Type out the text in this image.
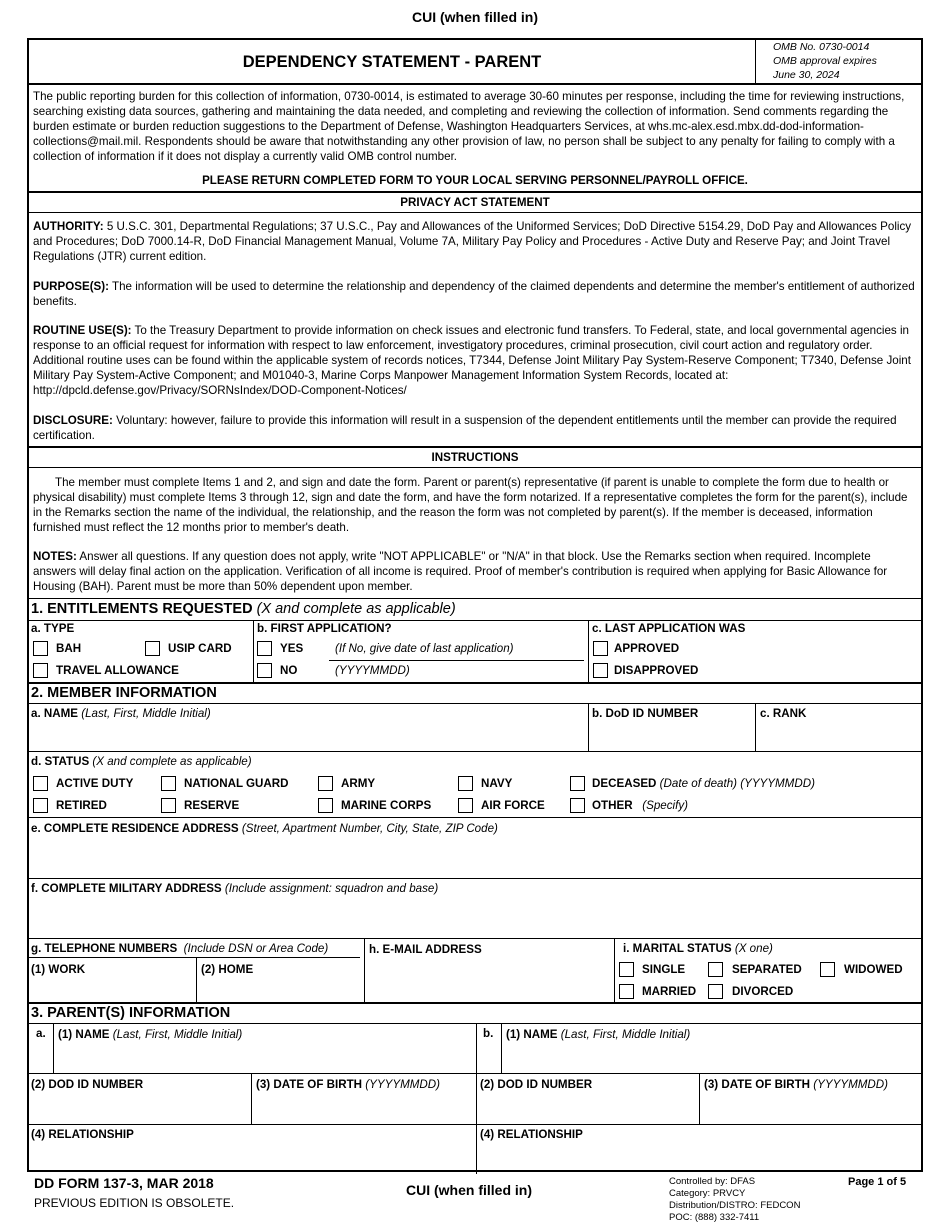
CUI (when filled in)
DEPENDENCY STATEMENT - PARENT
OMB No. 0730-0014
OMB approval expires
June 30, 2024
The public reporting burden for this collection of information, 0730-0014, is estimated to average 30-60 minutes per response, including the time for reviewing instructions, searching existing data sources, gathering and maintaining the data needed, and completing and reviewing the collection of information. Send comments regarding the burden estimate or burden reduction suggestions to the Department of Defense, Washington Headquarters Services, at whs.mc-alex.esd.mbx.dd-dod-information-collections@mail.mil. Respondents should be aware that notwithstanding any other provision of law, no person shall be subject to any penalty for failing to comply with a collection of information if it does not display a currently valid OMB control number.
PLEASE RETURN COMPLETED FORM TO YOUR LOCAL SERVING PERSONNEL/PAYROLL OFFICE.
PRIVACY ACT STATEMENT
AUTHORITY: 5 U.S.C. 301, Departmental Regulations; 37 U.S.C., Pay and Allowances of the Uniformed Services; DoD Directive 5154.29, DoD Pay and Allowances Policy and Procedures; DoD 7000.14-R, DoD Financial Management Manual, Volume 7A, Military Pay Policy and Procedures - Active Duty and Reserve Pay; and Joint Travel Regulations (JTR) current edition.
PURPOSE(S): The information will be used to determine the relationship and dependency of the claimed dependents and determine the member's entitlement of authorized benefits.
ROUTINE USE(S): To the Treasury Department to provide information on check issues and electronic fund transfers. To Federal, state, and local governmental agencies in response to an official request for information with respect to law enforcement, investigatory procedures, criminal prosecution, civil court action and regulatory order. Additional routine uses can be found within the applicable system of records notices, T7344, Defense Joint Military Pay System-Reserve Component; T7340, Defense Joint Military Pay System-Active Component; and M01040-3, Marine Corps Manpower Management Information System Records, located at: http://dpcld.defense.gov/Privacy/SORNsIndex/DOD-Component-Notices/
DISCLOSURE: Voluntary: however, failure to provide this information will result in a suspension of the dependent entitlements until the member can provide the required certification.
INSTRUCTIONS
The member must complete Items 1 and 2, and sign and date the form. Parent or parent(s) representative (if parent is unable to complete the form due to health or physical disability) must complete Items 3 through 12, sign and date the form, and have the form notarized. If a representative completes the form for the parent(s), include in the Remarks section the name of the individual, the relationship, and the reason the form was not completed by parent(s). If the member is deceased, information furnished must reflect the 12 months prior to member's death.
NOTES: Answer all questions. If any question does not apply, write "NOT APPLICABLE" or "N/A" in that block. Use the Remarks section when required. Incomplete answers will delay final action on the application. Verification of all income is required. Proof of member's contribution is required when applying for Basic Allowance for Housing (BAH). Parent must be more than 50% dependent upon member.
1. ENTITLEMENTS REQUESTED (X and complete as applicable)
a. TYPE
BAH	USIP CARD
TRAVEL ALLOWANCE
b. FIRST APPLICATION?
YES	(If No, give date of last application)
NO	(YYYYMMDD)
c. LAST APPLICATION WAS
APPROVED
DISAPPROVED
2. MEMBER INFORMATION
a. NAME (Last, First, Middle Initial)	b. DoD ID NUMBER	c. RANK
d. STATUS (X and complete as applicable)
ACTIVE DUTY	NATIONAL GUARD	ARMY	NAVY	DECEASED (Date of death) (YYYYMMDD)
RETIRED	RESERVE	MARINE CORPS	AIR FORCE	OTHER (Specify)
e. COMPLETE RESIDENCE ADDRESS (Street, Apartment Number, City, State, ZIP Code)
f. COMPLETE MILITARY ADDRESS (Include assignment: squadron and base)
g. TELEPHONE NUMBERS (Include DSN or Area Code)
(1) WORK	(2) HOME
h. E-MAIL ADDRESS	i. MARITAL STATUS (X one)
SINGLE	SEPARATED	WIDOWED
MARRIED	DIVORCED
3. PARENT(S) INFORMATION
a. (1) NAME (Last, First, Middle Initial)	b. (1) NAME (Last, First, Middle Initial)
(2) DOD ID NUMBER	(3) DATE OF BIRTH (YYYYMMDD)	(2) DOD ID NUMBER	(3) DATE OF BIRTH (YYYYMMDD)
(4) RELATIONSHIP	(4) RELATIONSHIP
DD FORM 137-3, MAR 2018
PREVIOUS EDITION IS OBSOLETE.
CUI (when filled in)
Controlled by: DFAS
Category: PRVCY
Distribution/DISTRO: FEDCON
POC: (888) 332-7411
Page 1 of 5
